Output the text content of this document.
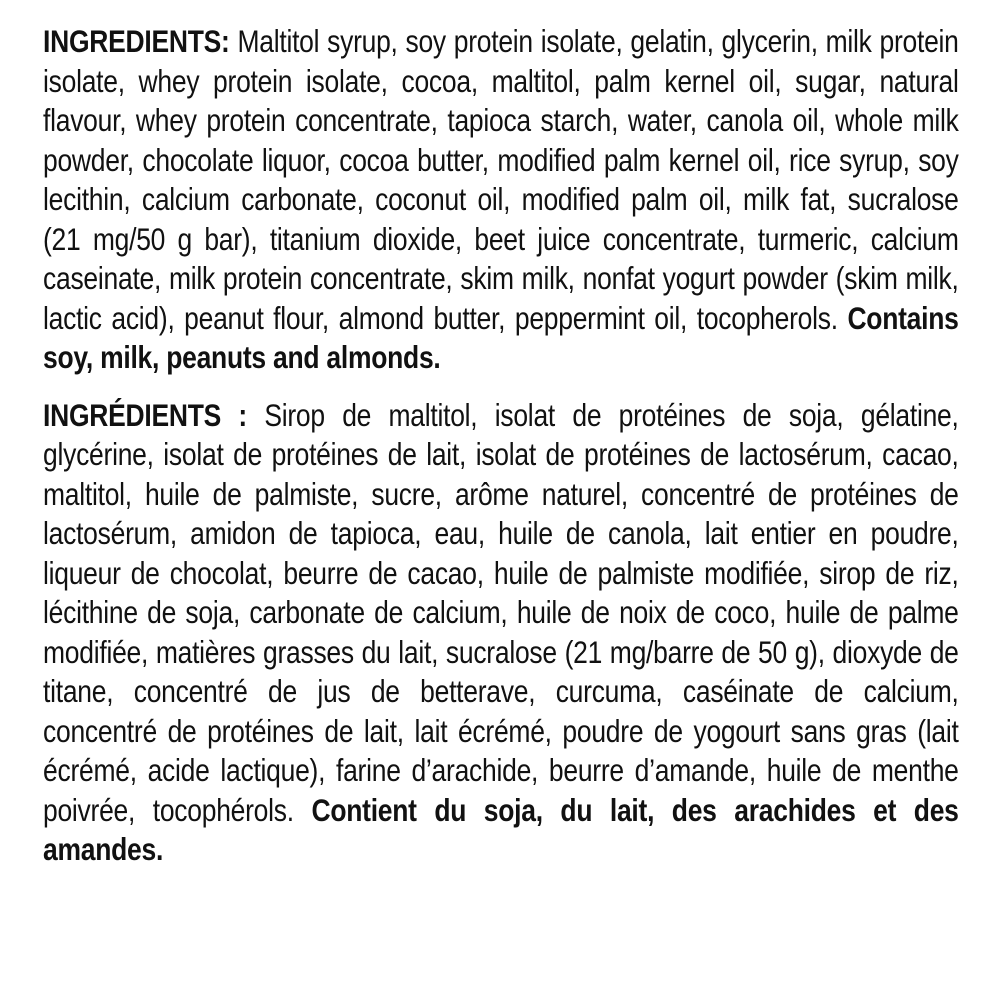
INGREDIENTS: Maltitol syrup, soy protein isolate, gelatin, glycerin, milk protein isolate, whey protein isolate, cocoa, maltitol, palm kernel oil, sugar, natural flavour, whey protein concentrate, tapioca starch, water, canola oil, whole milk powder, chocolate liquor, cocoa butter, modified palm kernel oil, rice syrup, soy lecithin, calcium carbonate, coconut oil, modified palm oil, milk fat, sucralose (21 mg/50 g bar), titanium dioxide, beet juice concentrate, turmeric, calcium caseinate, milk protein concentrate, skim milk, nonfat yogurt powder (skim milk, lactic acid), peanut flour, almond butter, peppermint oil, tocopherols. Contains soy, milk, peanuts and almonds.

INGRÉDIENTS : Sirop de maltitol, isolat de protéines de soja, gélatine, glycérine, isolat de protéines de lait, isolat de protéines de lactosérum, cacao, maltitol, huile de palmiste, sucre, arôme naturel, concentré de protéines de lactosérum, amidon de tapioca, eau, huile de canola, lait entier en poudre, liqueur de chocolat, beurre de cacao, huile de palmiste modifiée, sirop de riz, lécithine de soja, carbonate de calcium, huile de noix de coco, huile de palme modifiée, matières grasses du lait, sucralose (21 mg/barre de 50 g), dioxyde de titane, concentré de jus de betterave, curcuma, caséinate de calcium, concentré de protéines de lait, lait écrémé, poudre de yogourt sans gras (lait écrémé, acide lactique), farine d’arachide, beurre d’amande, huile de menthe poivrée, tocophérols. Contient du soja, du lait, des arachides et des amandes.
